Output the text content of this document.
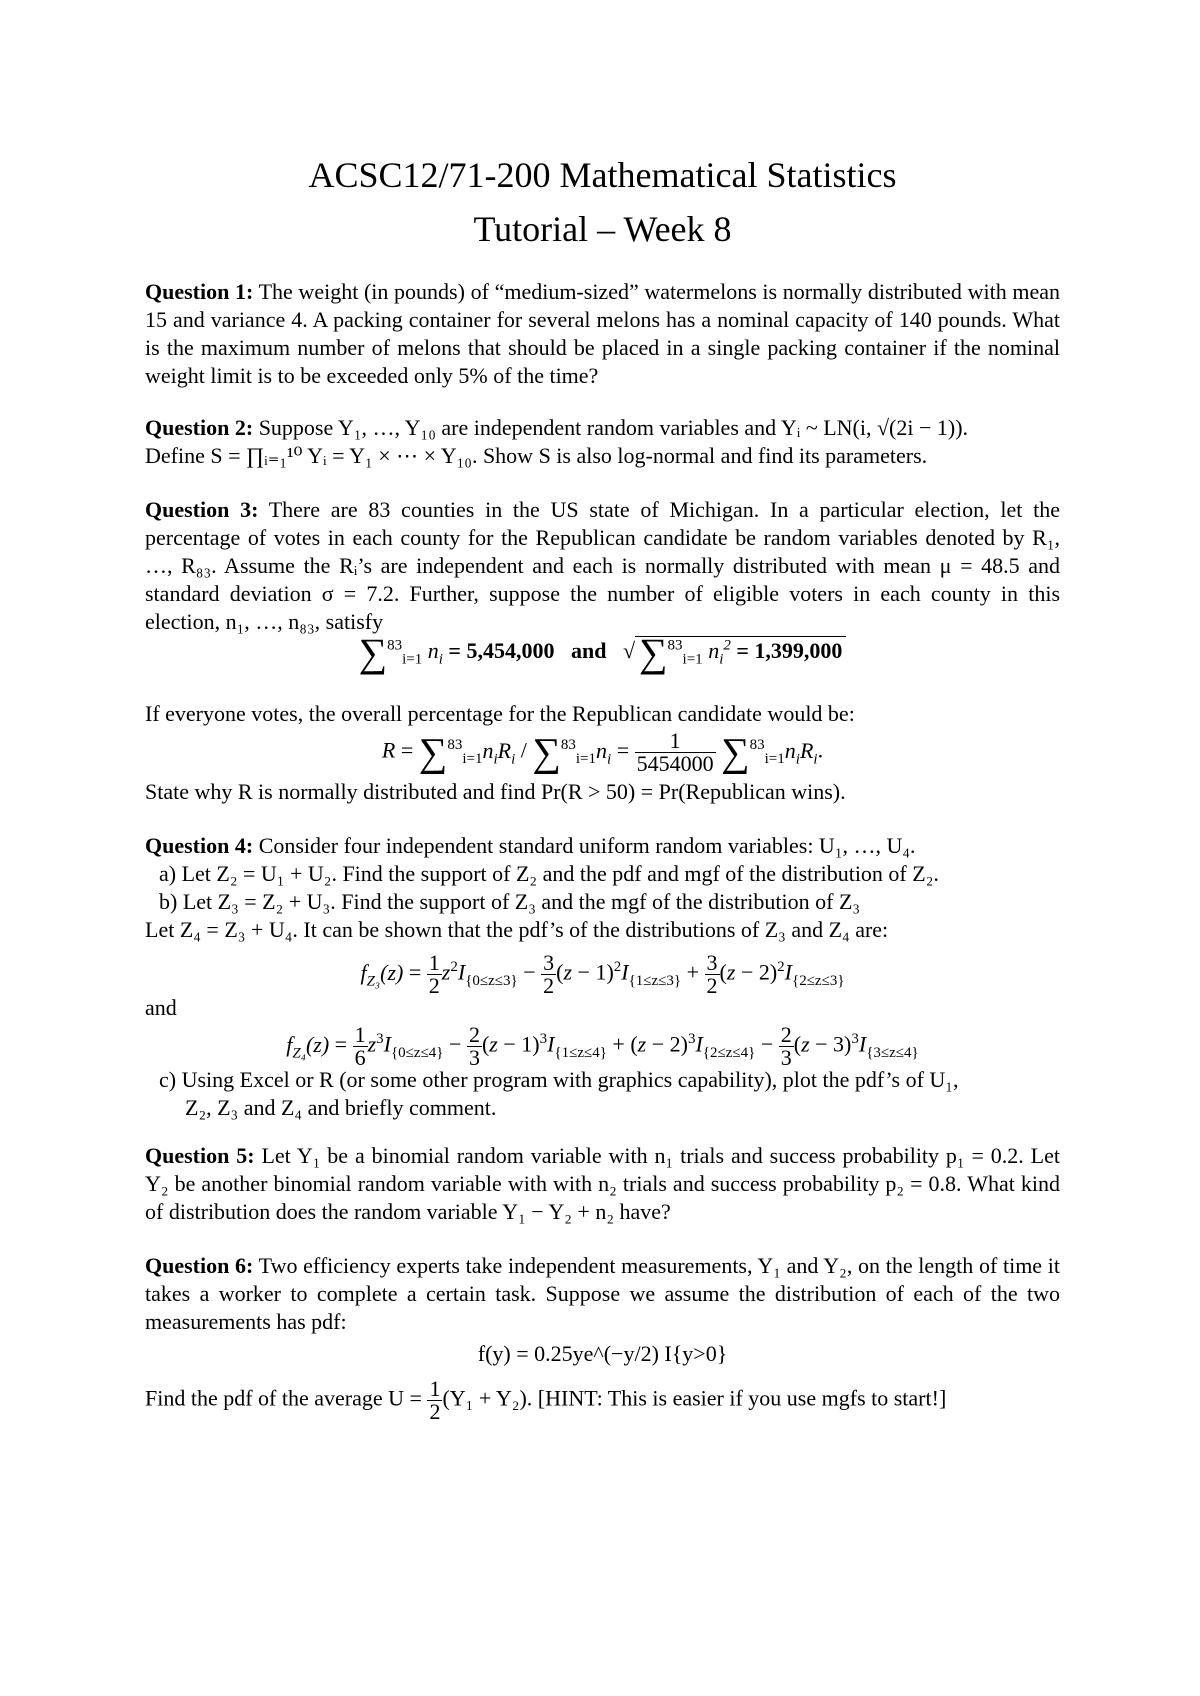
ACSC12/71-200 Mathematical Statistics
Tutorial – Week 8
Question 1: The weight (in pounds) of “medium-sized” watermelons is normally distributed with mean 15 and variance 4. A packing container for several melons has a nominal capacity of 140 pounds. What is the maximum number of melons that should be placed in a single packing container if the nominal weight limit is to be exceeded only 5% of the time?
Question 2: Suppose Y₁, …, Y₁₀ are independent random variables and Yᵢ ~ LN(i, √(2i − 1)).
Define S = ∏ᵢ₌₁¹⁰ Yᵢ = Y₁ × ⋯ × Y₁₀. Show S is also log-normal and find its parameters.
Question 3: There are 83 counties in the US state of Michigan. In a particular election, let the percentage of votes in each county for the Republican candidate be random variables denoted by R₁, …, R₈₃. Assume the Rᵢ’s are independent and each is normally distributed with mean μ = 48.5 and standard deviation σ = 7.2. Further, suppose the number of eligible voters in each county in this election, n₁, …, n₈₃, satisfy
∑$^{83}_{i=1}$ $n_i = 5,454,000$ and   √ ∑$^{83}_{i=1}$ $n_i^2 = 1,399,000$
If everyone votes, the overall percentage for the Republican candidate would be:
$R = \sum^{83}_{i=1}n_iR_i / \sum^{83}_{i=1}n_i = \frac{1}{5454000} \sum^{83}_{i=1}n_iR_i$.
State why R is normally distributed and find Pr(R > 50) = Pr(Republican wins).
Question 4: Consider four independent standard uniform random variables: U₁, …, U₄.
a) Let Z₂ = U₁ + U₂. Find the support of Z₂ and the pdf and mgf of the distribution of Z₂.
b) Let Z₃ = Z₂ + U₃. Find the support of Z₃ and the mgf of the distribution of Z₃
Let Z₄ = Z₃ + U₄. It can be shown that the pdf’s of the distributions of Z₃ and Z₄ are:
$f_{Z_3}(z) = \frac{1}{2} z^2I_{\{0\le z\le 3\}} - \frac{3}{2} (z - 1)^2I_{\{1\le z\le 3\}} + \frac{3}{2} (z - 2)^2I_{\{2\le z\le 3\}}$
and
$f_{Z_4}(z) = \frac{1}{6} z^3I_{\{0\le z\le 4\}} - \frac{2}{3} (z - 1)^3I_{\{1\le z\le 4\}} + (z - 2)^3I_{\{2\le z\le 4\}} - \frac{2}{3} (z - 3)^3I_{\{3\le z\le 4\}}$
c) Using Excel or R (or some other program with graphics capability), plot the pdf’s of U₁,
Z₂, Z₃ and Z₄ and briefly comment.
Question 5: Let Y₁ be a binomial random variable with n₁ trials and success probability p₁ = 0.2. Let Y₂ be another binomial random variable with with n₂ trials and success probability p₂ = 0.8. What kind of distribution does the random variable Y₁ − Y₂ + n₂ have?
Question 6: Two efficiency experts take independent measurements, Y₁ and Y₂, on the length of time it takes a worker to complete a certain task. Suppose we assume the distribution of each of the two measurements has pdf:
f(y) = 0.25ye^(−y/2) I{y>0}
Find the pdf of the average $U = \frac{1}{2} (Y_1 + Y_2)$. [HINT: This is easier if you use mgfs to start!]
